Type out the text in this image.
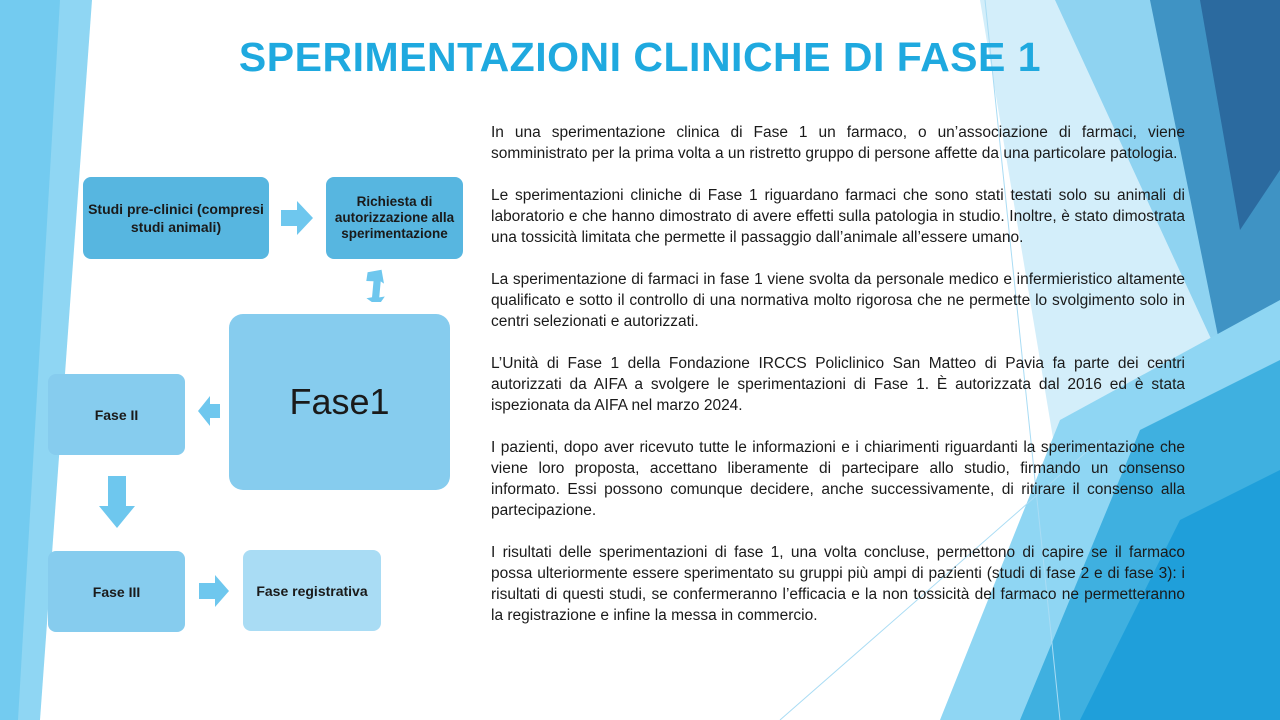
SPERIMENTAZIONI CLINICHE DI FASE 1
Studi pre-clinici (compresi studi animali)
Richiesta di autorizzazione alla sperimentazione
Fase1
Fase II
Fase III	Fase registrativa

In una sperimentazione clinica di Fase 1 un farmaco, o un’associazione di farmaci, viene somministrato per la prima volta a un ristretto gruppo di persone affette da una particolare patologia.

Le sperimentazioni cliniche di Fase 1 riguardano farmaci che sono stati testati solo su animali di laboratorio e che hanno dimostrato di avere effetti sulla patologia in studio. Inoltre, è stato dimostrata una tossicità limitata che permette il passaggio dall’animale all’essere umano.

La sperimentazione di farmaci in fase 1 viene svolta da personale medico e infermieristico altamente qualificato e sotto il controllo di una normativa molto rigorosa che ne permette lo svolgimento solo in centri selezionati e autorizzati.

L’Unità di Fase 1 della Fondazione IRCCS Policlinico San Matteo di Pavia fa parte dei centri autorizzati da AIFA a svolgere le sperimentazioni di Fase 1. È autorizzata dal 2016 ed è stata ispezionata da AIFA nel marzo 2024.

I pazienti, dopo aver ricevuto tutte le informazioni e i chiarimenti riguardanti la sperimentazione che viene loro proposta, accettano liberamente di partecipare allo studio, firmando un consenso informato. Essi possono comunque decidere, anche successivamente, di ritirare il consenso alla partecipazione.

I risultati delle sperimentazioni di fase 1, una volta concluse, permettono di capire se il farmaco possa ulteriormente essere sperimentato su gruppi più ampi di pazienti (studi di fase 2 e di fase 3): i risultati di questi studi, se confermeranno l’efficacia e la non tossicità del farmaco ne permetteranno la registrazione e infine la messa in commercio.
